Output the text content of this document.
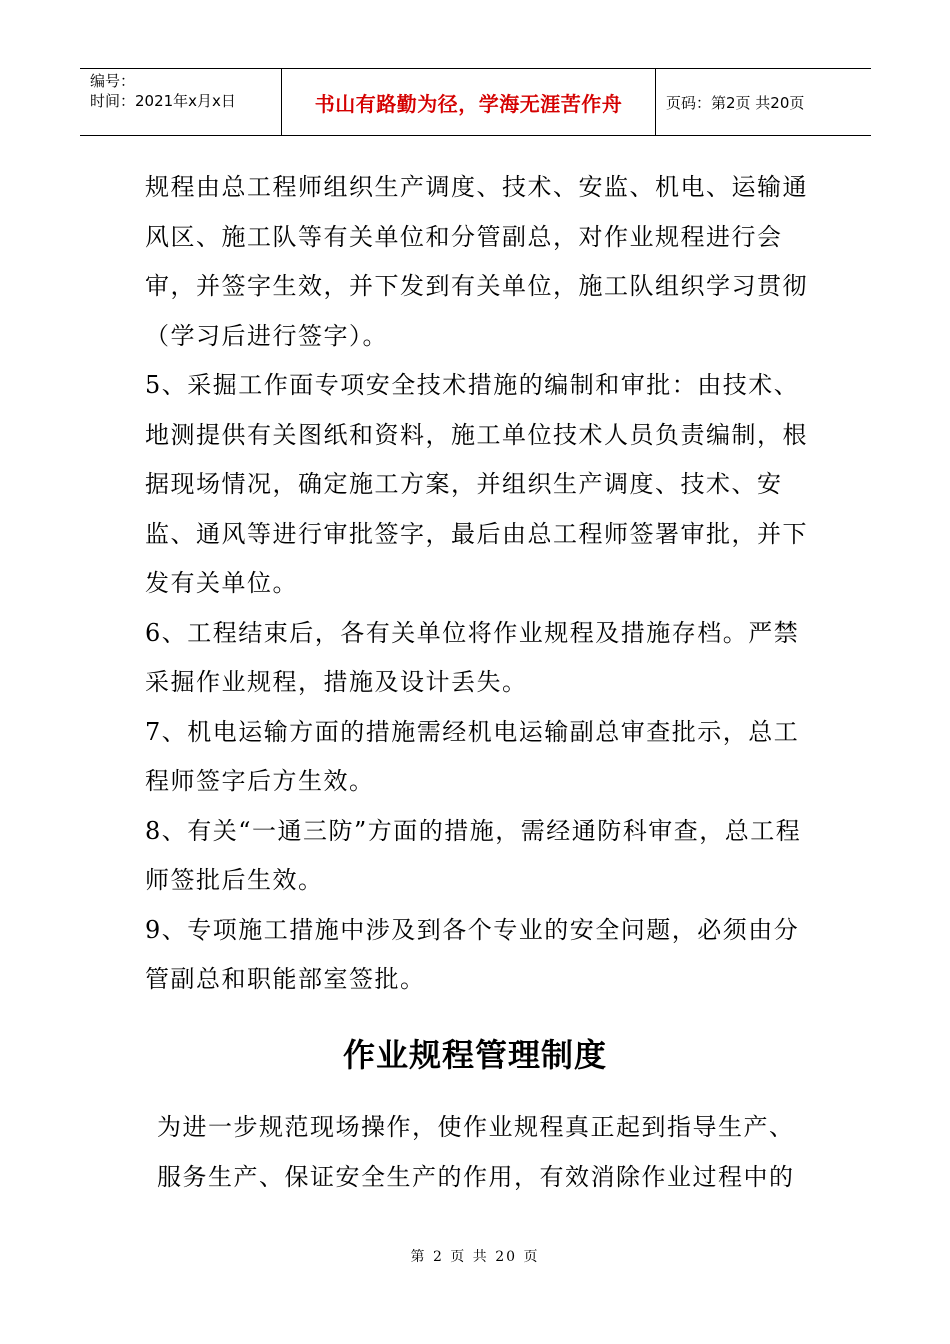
编号：
时间：2021年x月x日	书山有路勤为径，学海无涯苦作舟	页码：第2页 共20页

规程由总工程师组织生产调度、技术、安监、机电、运输通风区、施工队等有关单位和分管副总，对作业规程进行会审，并签字生效，并下发到有关单位，施工队组织学习贯彻（学习后进行签字）。

5、采掘工作面专项安全技术措施的编制和审批：由技术、地测提供有关图纸和资料，施工单位技术人员负责编制，根据现场情况，确定施工方案，并组织生产调度、技术、安监、通风等进行审批签字，最后由总工程师签署审批，并下发有关单位。

6、工程结束后，各有关单位将作业规程及措施存档。严禁采掘作业规程，措施及设计丢失。

7、机电运输方面的措施需经机电运输副总审查批示，总工程师签字后方生效。

8、有关“一通三防”方面的措施，需经通防科审查，总工程师签批后生效。

9、专项施工措施中涉及到各个专业的安全问题，必须由分管副总和职能部室签批。

作业规程管理制度

为进一步规范现场操作，使作业规程真正起到指导生产、服务生产、保证安全生产的作用，有效消除作业过程中的

第 2 页 共 20 页
